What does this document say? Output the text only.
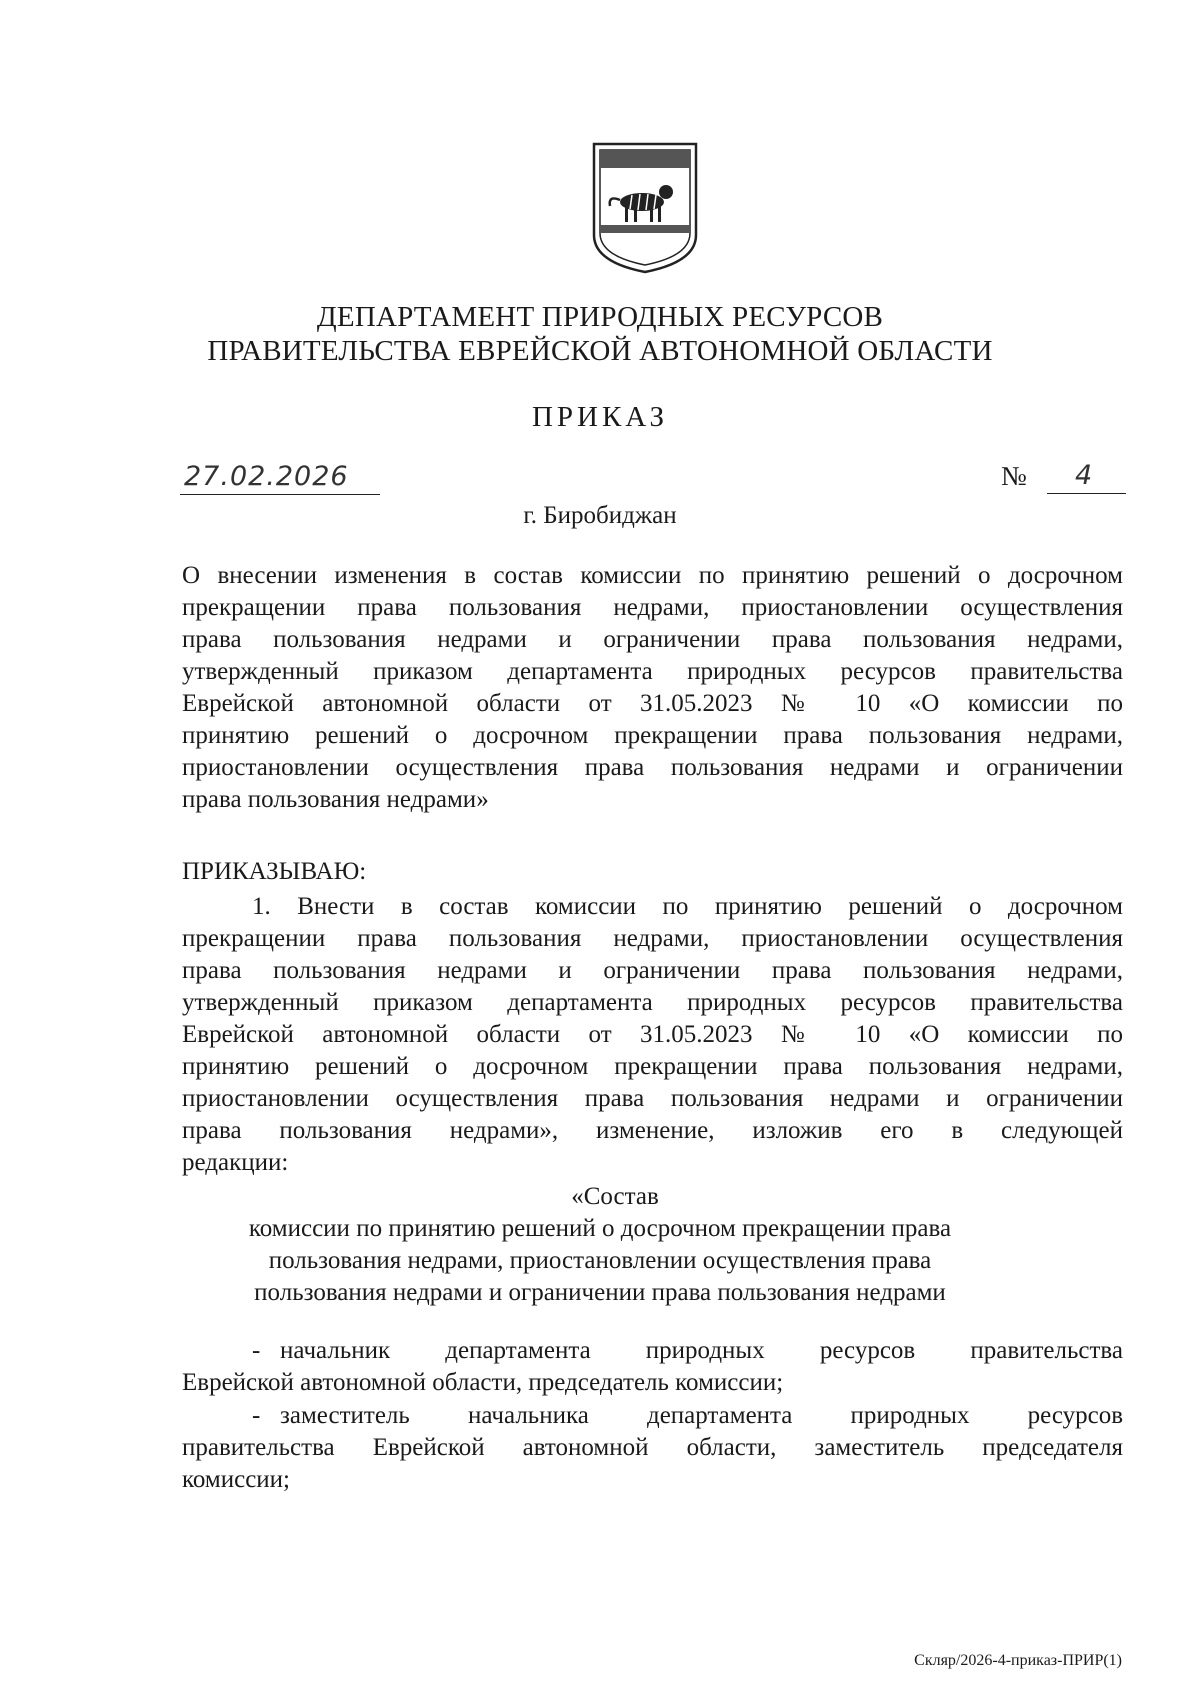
ДЕПАРТАМЕНТ ПРИРОДНЫХ РЕСУРСОВ
ПРАВИТЕЛЬСТВА ЕВРЕЙСКОЙ АВТОНОМНОЙ ОБЛАСТИ
ПРИКАЗ
27.02.2026	№ 4
г. Биробиджан
О внесении изменения в состав комиссии по принятию решений о досрочном
прекращении права пользования недрами, приостановлении осуществления
права пользования недрами и ограничении права пользования недрами,
утвержденный приказом департамента природных ресурсов правительства
Еврейской автономной области от 31.05.2023 № 10 «О комиссии по
принятию решений о досрочном прекращении права пользования недрами,
приостановлении осуществления права пользования недрами и ограничении
права пользования недрами»
ПРИКАЗЫВАЮ:
1. Внести в состав комиссии по принятию решений о досрочном
прекращении права пользования недрами, приостановлении осуществления
права пользования недрами и ограничении права пользования недрами,
утвержденный приказом департамента природных ресурсов правительства
Еврейской автономной области от 31.05.2023 № 10 «О комиссии по
принятию решений о досрочном прекращении права пользования недрами,
приостановлении осуществления права пользования недрами и ограничении
права пользования недрами», изменение, изложив его в следующей
редакции:
«Состав
комиссии по принятию решений о досрочном прекращении права
пользования недрами, приостановлении осуществления права
пользования недрами и ограничении права пользования недрами
- начальник департамента природных ресурсов правительства
Еврейской автономной области, председатель комиссии;
- заместитель начальника департамента природных ресурсов
правительства Еврейской автономной области, заместитель председателя
комиссии;
Скляр/2026-4-приказ-ПРИР(1)
